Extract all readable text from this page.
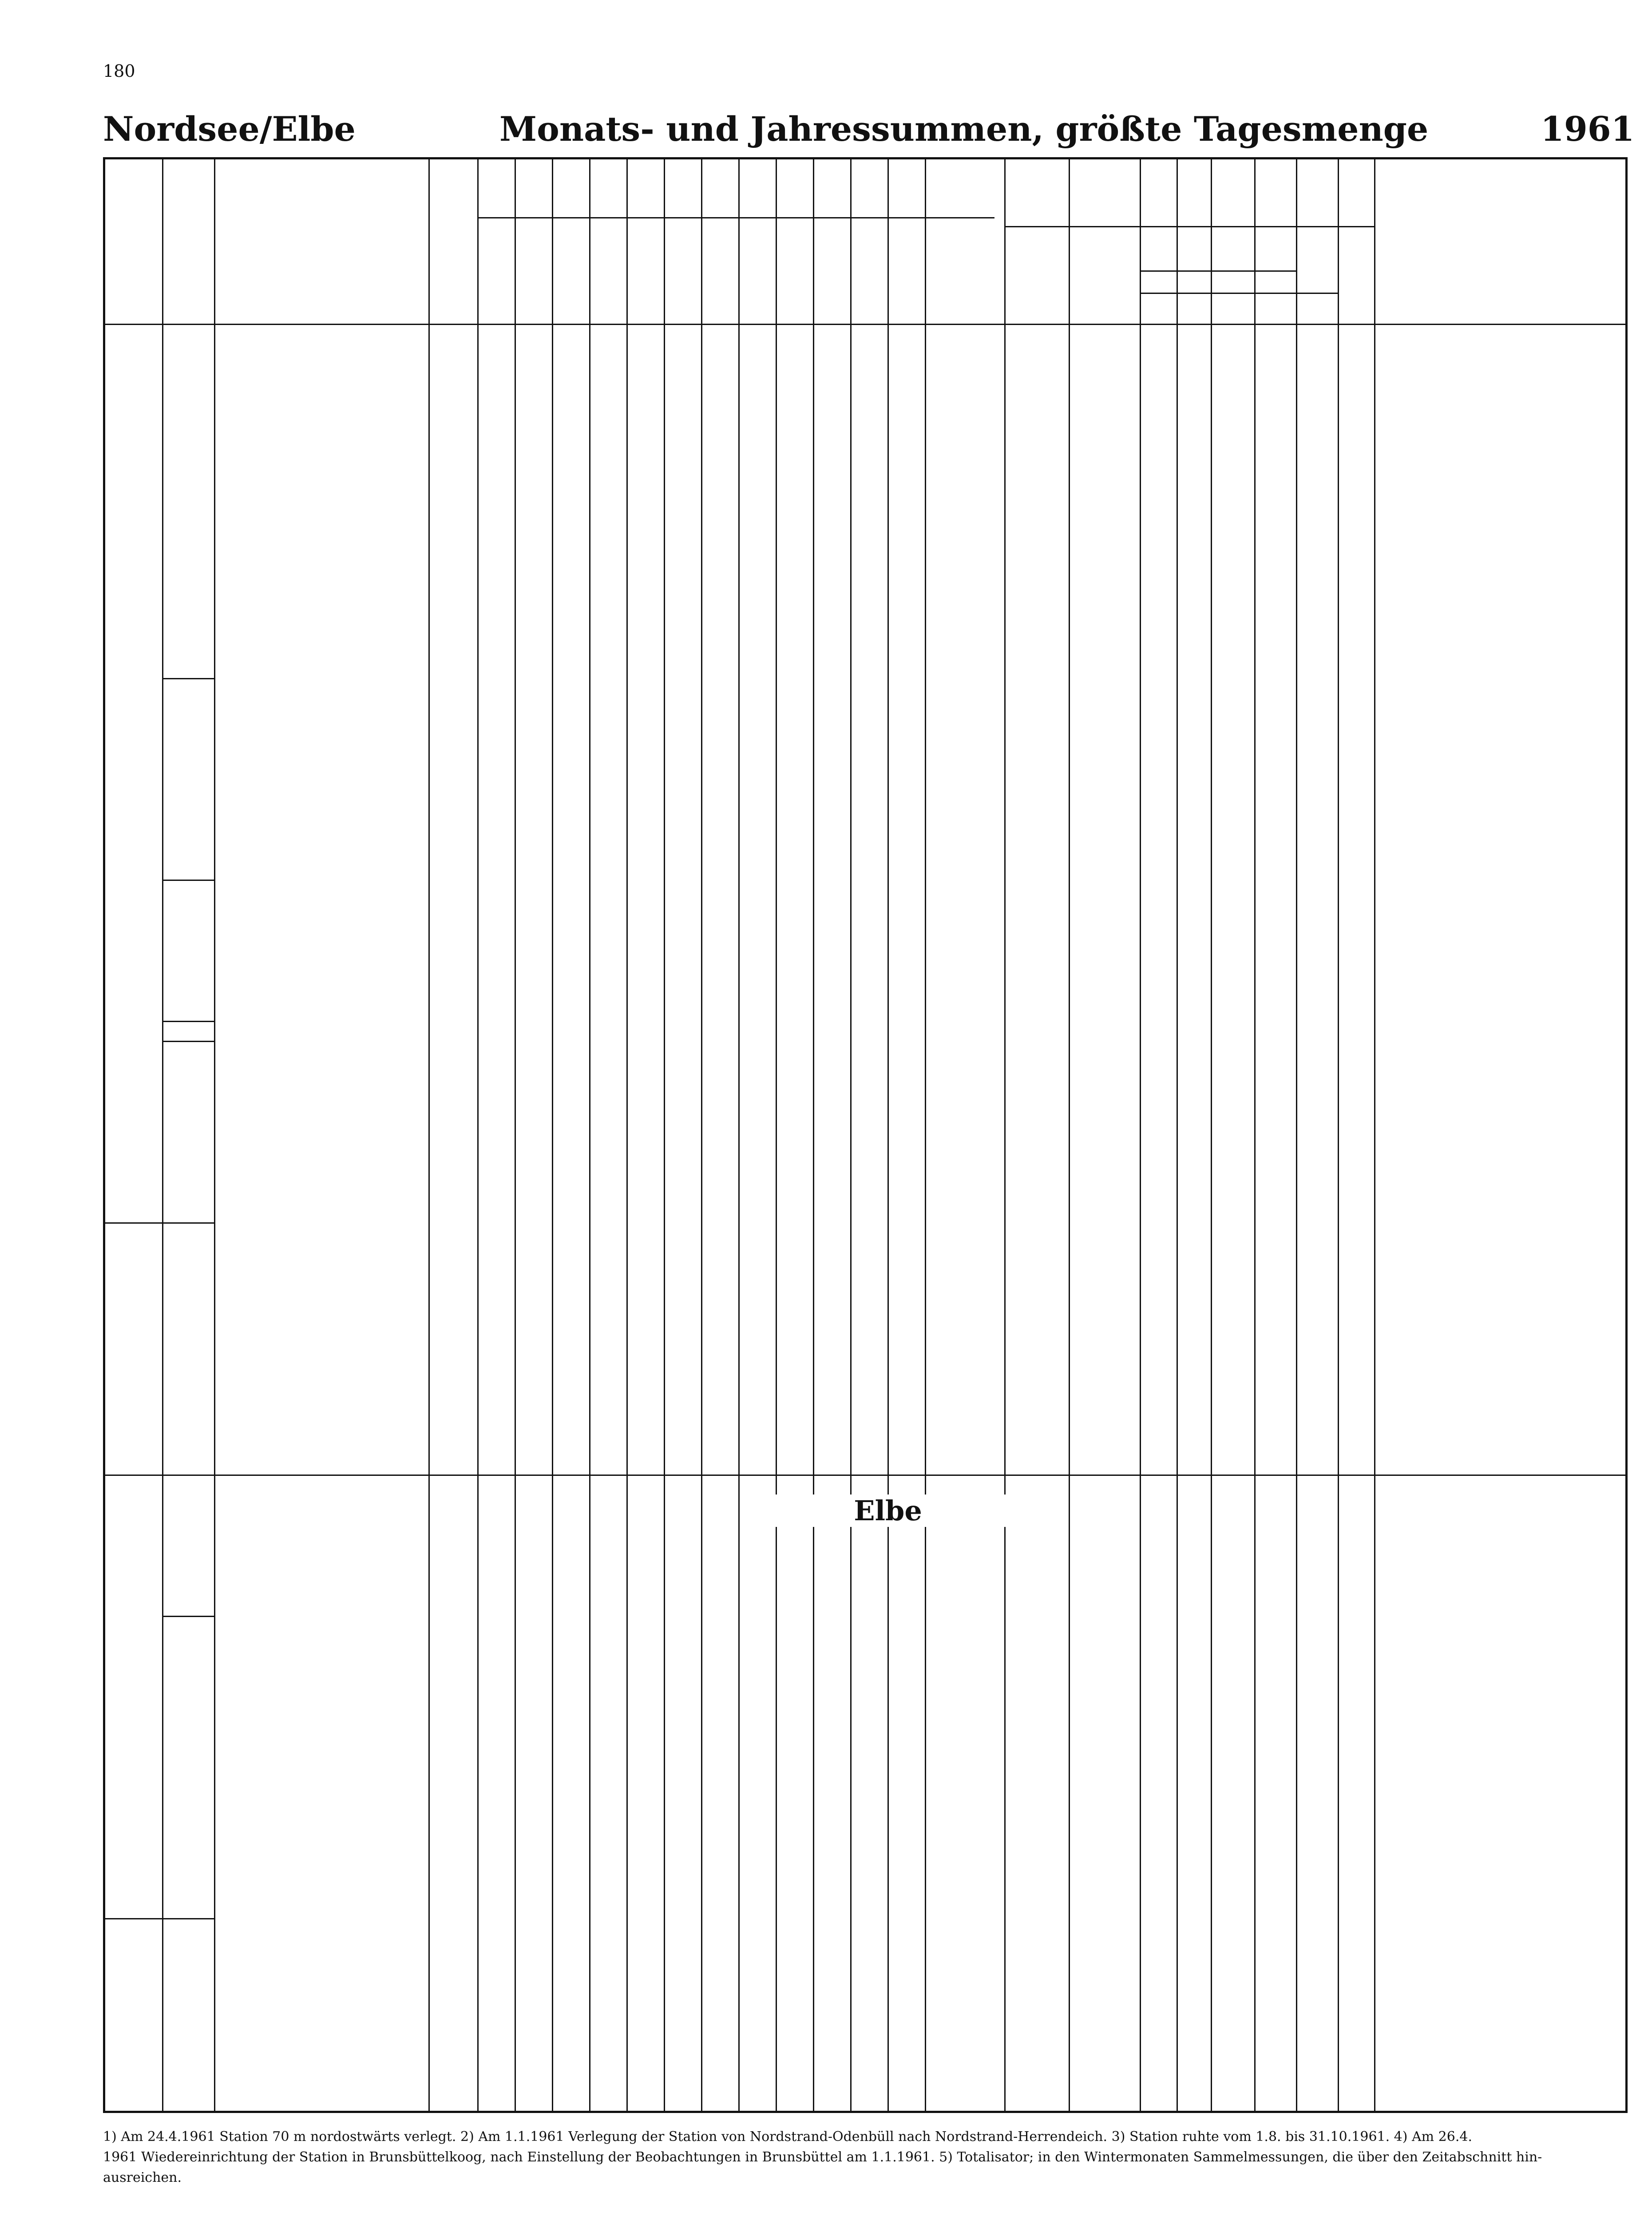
180
Nordsee/Elbe	Monats- und Jahressummen, größte Tagesmenge	1961
1) Am 24.4.1961 Station 70 m nordostwärts verlegt. 2) Am 1.1.1961 Verlegung der Station von Nordstrand-Odenbüll nach Nordstrand-Herrendeich. 3) Station ruhte vom 1.8. bis 31.10.1961. 4) Am 26.4.
1961 Wiedereinrichtung der Station in Brunsbüttelkoog, nach Einstellung der Beobachtungen in Brunsbüttel am 1.1.1961. 5) Totalisator; in den Wintermonaten Sammelmessungen, die über den Zeitabschnitt hin-
ausreichen.
Elbe
